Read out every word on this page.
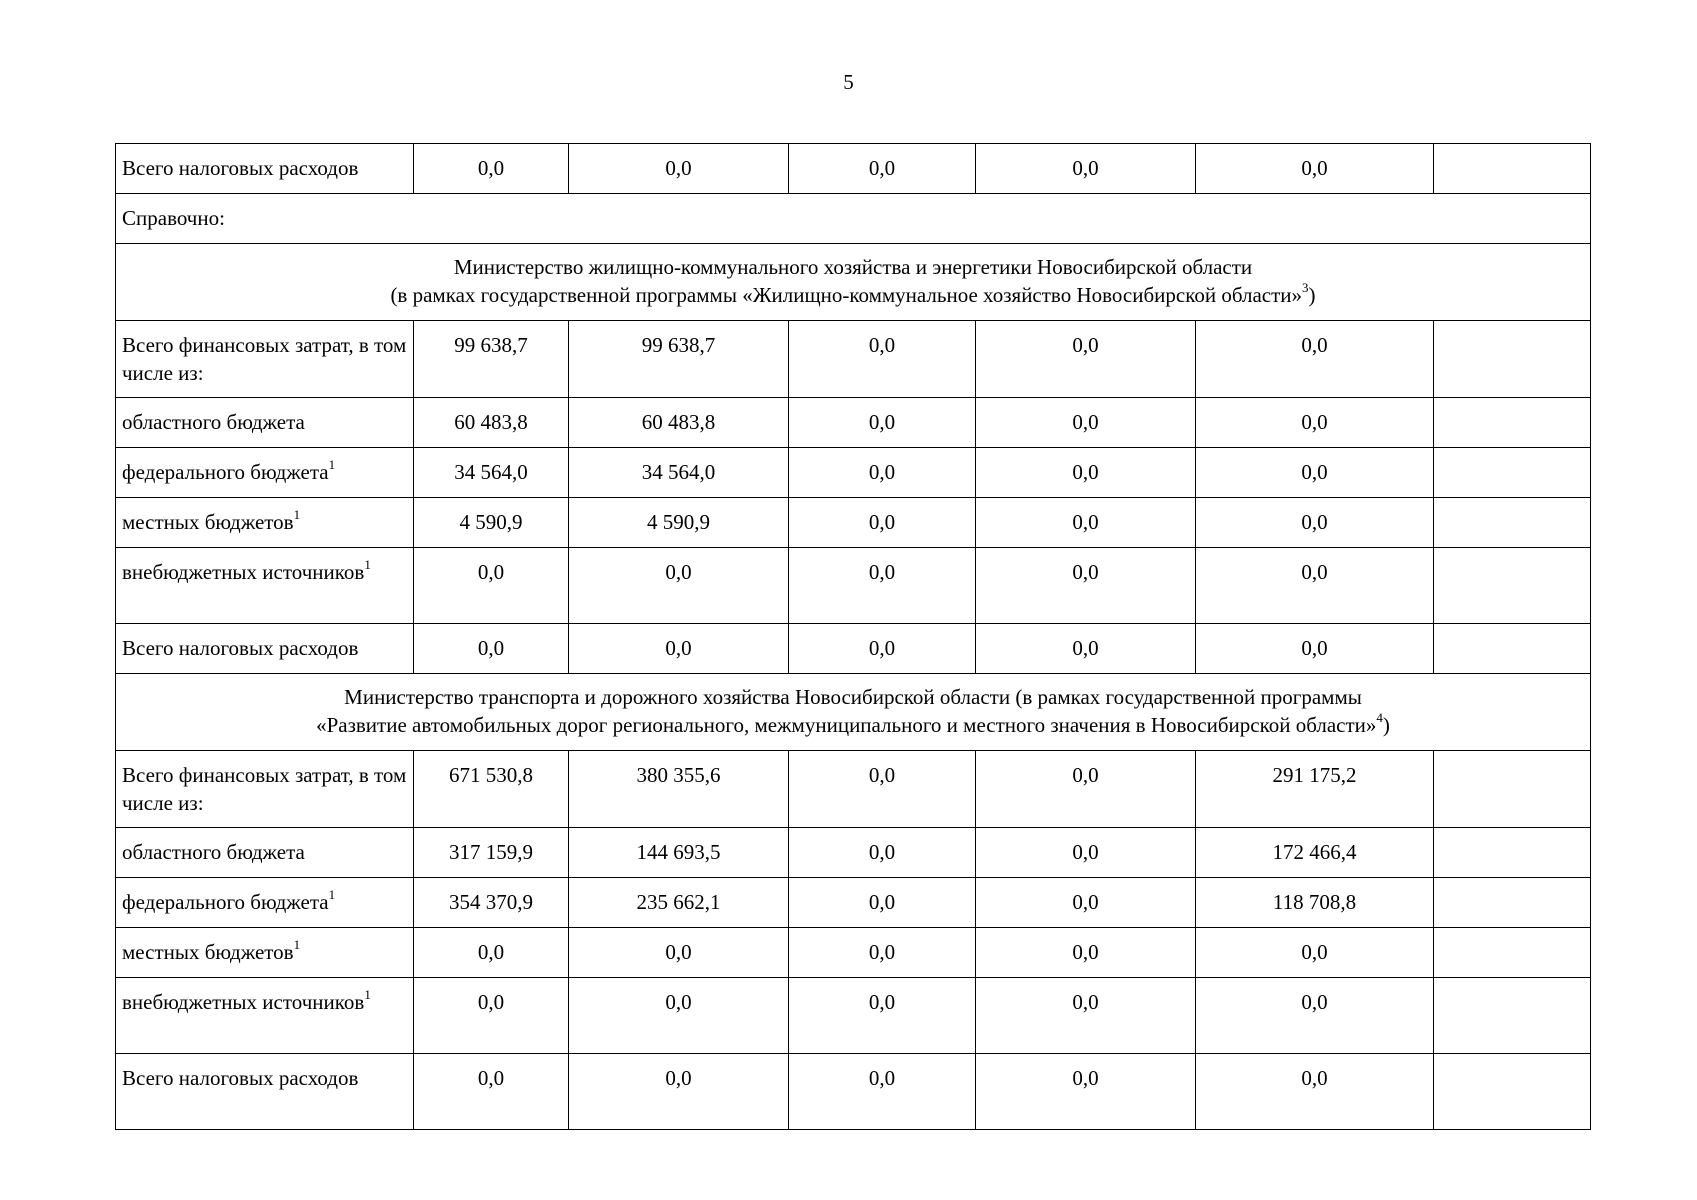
5
Всего налоговых расходов	0,0	0,0	0,0	0,0	0,0	
Справочно:						

Министерство жилищно-коммунального хозяйства и энергетики Новосибирской области
(в рамках государственной программы «Жилищно-коммунальное хозяйство Новосибирской области»$^3$)						

Всего финансовых затрат, в том числе из:	99 638,7	99 638,7	0,0	0,0	0,0	
областного бюджета	60 483,8	60 483,8	0,0	0,0	0,0	
федерального бюджета$^1$	34 564,0	34 564,0	0,0	0,0	0,0	
местных бюджетов$^1$	4 590,9	4 590,9	0,0	0,0	0,0	
внебюджетных источников$^1$	0,0	0,0	0,0	0,0	0,0	
Всего налоговых расходов	0,0	0,0	0,0	0,0	0,0	

Министерство транспорта и дорожного хозяйства Новосибирской области (в рамках государственной программы
«Развитие автомобильных дорог регионального, межмуниципального и местного значения в Новосибирской области»$^4$)						

Всего финансовых затрат, в том числе из:	671 530,8	380 355,6	0,0	0,0	291 175,2	
областного бюджета	317 159,9	144 693,5	0,0	0,0	172 466,4	
федерального бюджета$^1$	354 370,9	235 662,1	0,0	0,0	118 708,8	
местных бюджетов$^1$	0,0	0,0	0,0	0,0	0,0	
внебюджетных источников$^1$	0,0	0,0	0,0	0,0	0,0	
Всего налоговых расходов	0,0	0,0	0,0	0,0	0,0	
